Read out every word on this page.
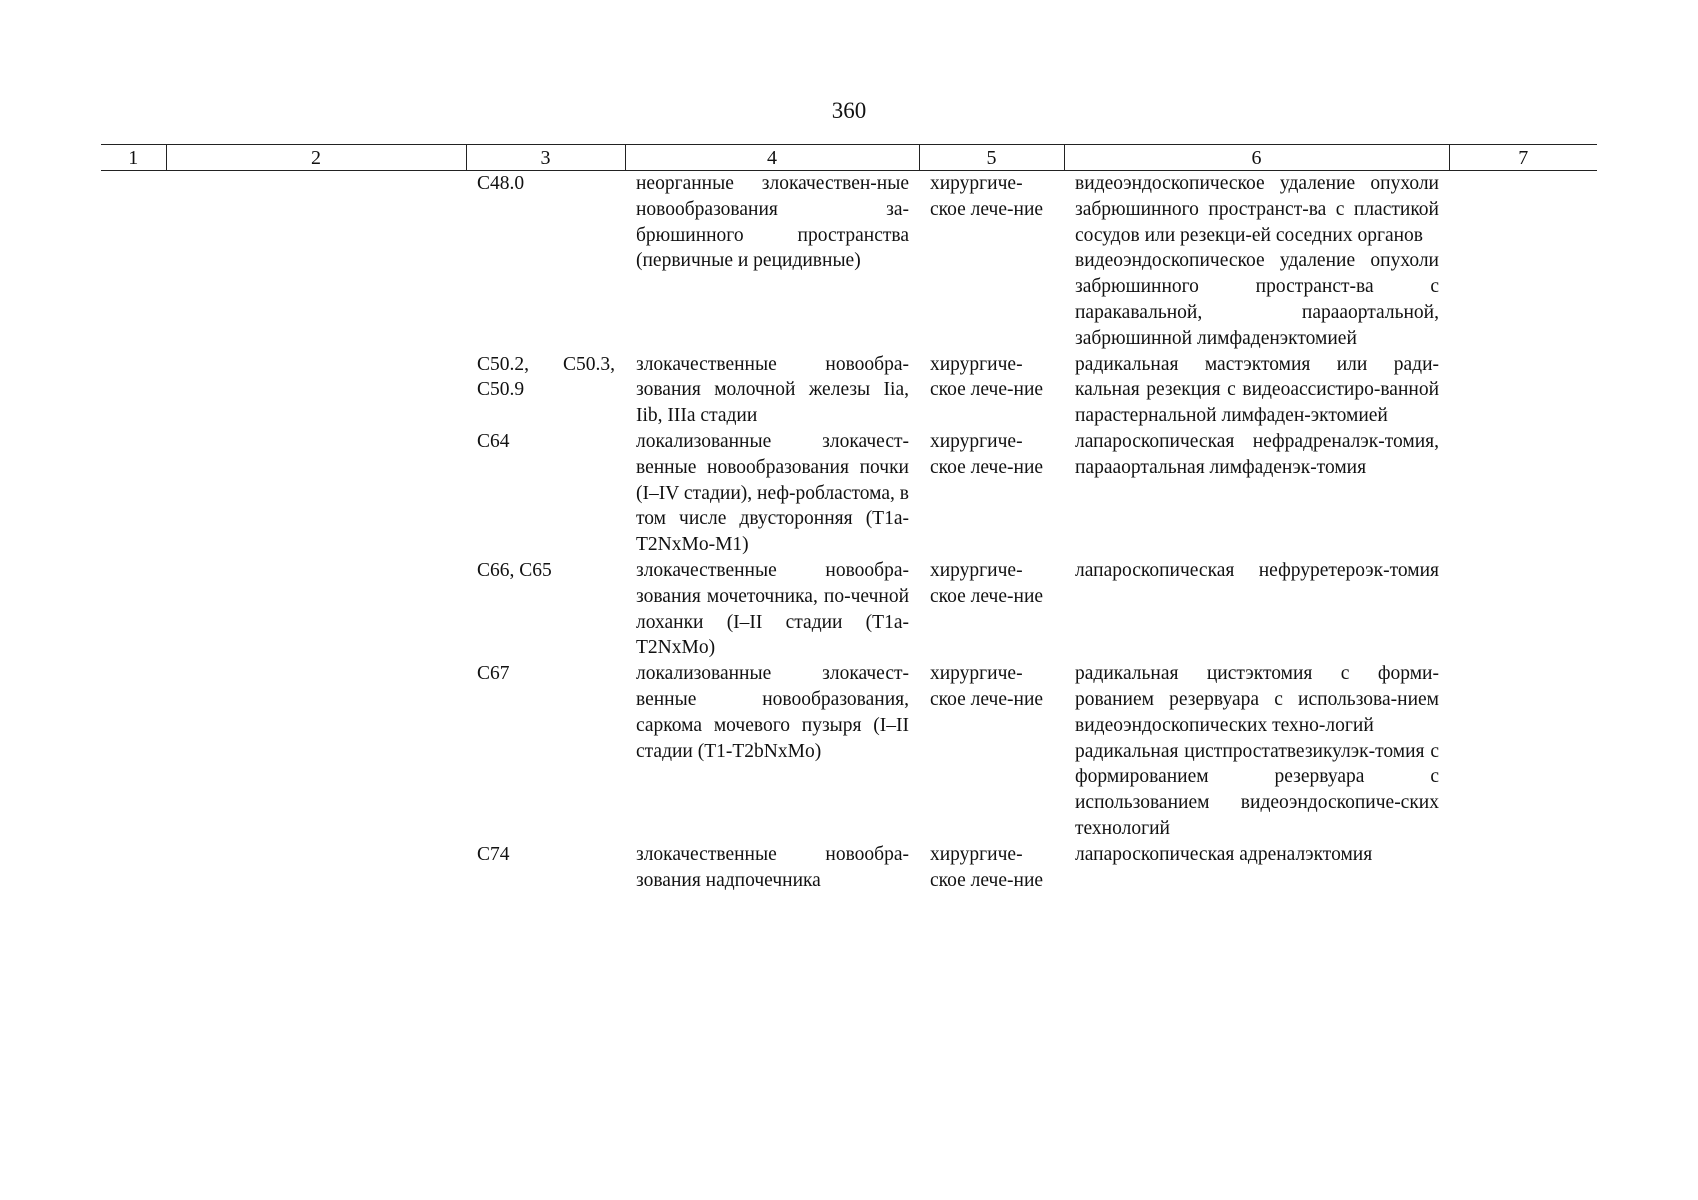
360
1	2	3	4	5	6	7
		C48.0	неорганные злокачествен-ные новообразования за-брюшинного пространства (первичные и рецидивные)	хирургиче-ское лече-ние	видеоэндоскопическое удаление опухоли забрюшинного пространст-ва с пластикой сосудов или резекци-ей соседних органов

видеоэндоскопическое удаление опухоли забрюшинного пространст-ва с паракавальной, парааортальной, забрюшинной лимфаденэктомией	

		C50.2, C50.3, C50.9	злокачественные новообра-зования молочной железы Iia, Iib, IIIa стадии	хирургиче-ское лече-ние	радикальная мастэктомия или ради-кальная резекция с видеоассистиро-ванной парастернальной лимфаден-эктомией	

		C64	локализованные злокачест-венные новообразования почки (I–IV стадии), неф-робластома, в том числе двусторонняя (T1a-T2NxMo-M1)	хирургиче-ское лече-ние	лапароскопическая нефрадреналэк-томия, парааортальная лимфаденэк-томия	

		C66, C65	злокачественные новообра-зования мочеточника, по-чечной лоханки (I–II стадии (T1a-T2NxMo)	хирургиче-ское лече-ние	лапароскопическая нефруретероэк-томия	

		C67	локализованные злокачест-венные новообразования, саркома мочевого пузыря (I–II стадии (T1-T2bNxMo)	хирургиче-ское лече-ние	радикальная цистэктомия с форми-рованием резервуара с использова-нием видеоэндоскопических техно-логий

радикальная цистпростатвезикулэк-томия с формированием резервуара с использованием видеоэндоскопиче-ских технологий	

		C74	злокачественные новообра-зования надпочечника	хирургиче-ское лече-ние	лапароскопическая адреналэктомия	
